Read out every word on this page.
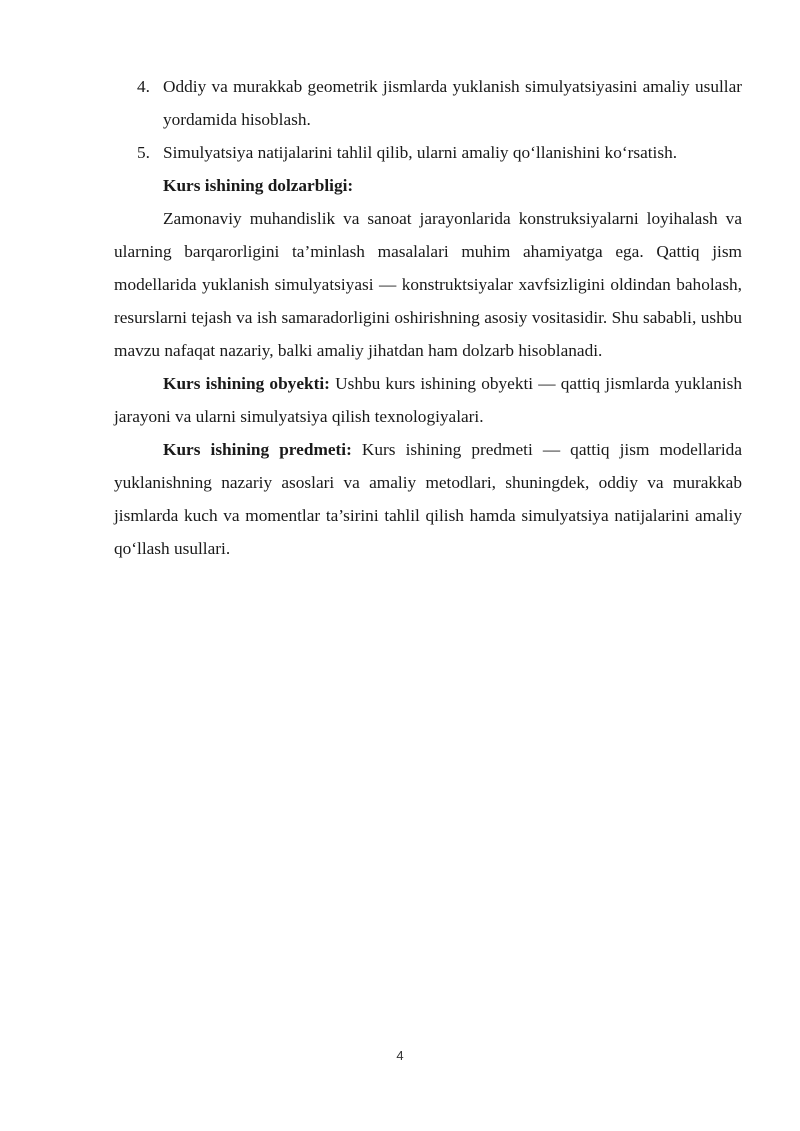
4. Oddiy va murakkab geometrik jismlarda yuklanish simulyatsiyasini amaliy usullar yordamida hisoblash.
5. Simulyatsiya natijalarini tahlil qilib, ularni amaliy qo‘llanishini ko‘rsatish.

Kurs ishining dolzarbligi:

Zamonaviy muhandislik va sanoat jarayonlarida konstruksiyalarni loyihalash va ularning barqarorligini ta’minlash masalalari muhim ahamiyatga ega. Qattiq jism modellarida yuklanish simulyatsiyasi — konstruktsiyalar xavfsizligini oldindan baholash, resurslarni tejash va ish samaradorligini oshirishning asosiy vositasidir. Shu sababli, ushbu mavzu nafaqat nazariy, balki amaliy jihatdan ham dolzarb hisoblanadi.

Kurs ishining obyekti: Ushbu kurs ishining obyekti — qattiq jismlarda yuklanish jarayoni va ularni simulyatsiya qilish texnologiyalari.

Kurs ishining predmeti: Kurs ishining predmeti — qattiq jism modellarida yuklanishning nazariy asoslari va amaliy metodlari, shuningdek, oddiy va murakkab jismlarda kuch va momentlar ta’sirini tahlil qilish hamda simulyatsiya natijalarini amaliy qo‘llash usullari.

4
